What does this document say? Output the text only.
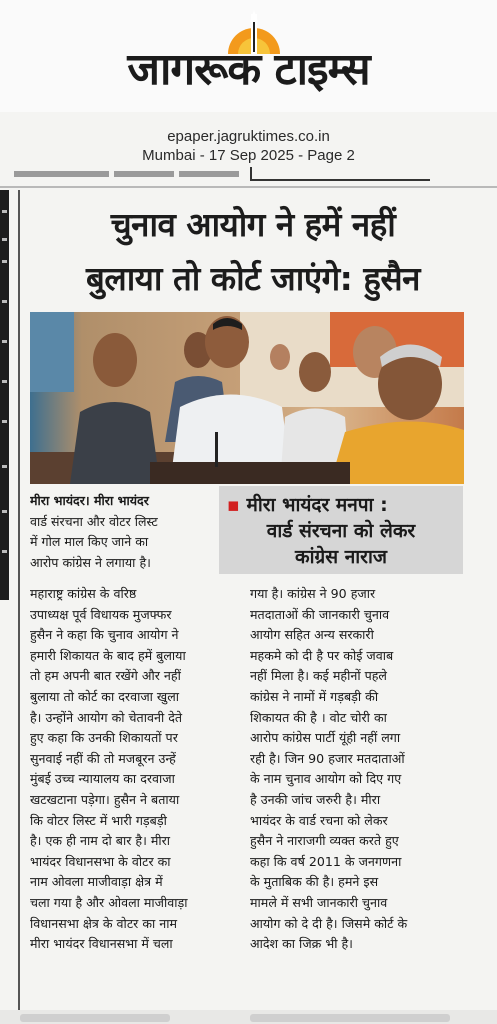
जागरूक टाइम्स
epaper.jagruktimes.co.in
Mumbai - 17 Sep 2025 - Page 2
चुनाव आयोग ने हमें नहीं
बुलाया तो कोर्ट जाएंगे: हुसैन
▪ मीरा भायंदर मनपा :
वार्ड संरचना को लेकर
कांग्रेस नाराज
मीरा भायंदर। मीरा भायंदर
वार्ड संरचना और वोटर लिस्ट
में गोल माल किए जाने का
आरोप कांग्रेस ने लगाया है।
महाराष्ट्र कांग्रेस के वरिष्ठ
उपाध्यक्ष पूर्व विधायक मुजफ्फर
हुसैन ने कहा कि चुनाव आयोग ने
हमारी शिकायत के बाद हमें बुलाया
तो हम अपनी बात रखेंगे और नहीं
बुलाया तो कोर्ट का दरवाजा खुला
है। उन्होंने आयोग को चेतावनी देते
हुए कहा कि उनकी शिकायतों पर
सुनवाई नहीं की तो मजबूरन उन्हें
मुंबई उच्च न्यायालय का दरवाजा
खटखटाना पड़ेगा। हुसैन ने बताया
कि वोटर लिस्ट में भारी गड़बड़ी
है। एक ही नाम दो बार है। मीरा
भायंदर विधानसभा के वोटर का
नाम ओवला माजीवाड़ा क्षेत्र में
चला गया है और ओवला माजीवाड़ा
विधानसभा क्षेत्र के वोटर का नाम
मीरा भायंदर विधानसभा में चला
गया है। कांग्रेस ने 90 हजार
मतदाताओं की जानकारी चुनाव
आयोग सहित अन्य सरकारी
महकमे को दी है पर कोई जवाब
नहीं मिला है। कई महीनों पहले
कांग्रेस ने नामों में गड़बड़ी की
शिकायत की है । वोट चोरी का
आरोप कांग्रेस पार्टी यूंही नहीं लगा
रही है। जिन 90 हजार मतदाताओं
के नाम चुनाव आयोग को दिए गए
है उनकी जांच जरुरी है। मीरा
भायंदर के वार्ड रचना को लेकर
हुसैन ने नाराजगी व्यक्त करते हुए
कहा कि वर्ष 2011 के जनगणना
के मुताबिक की है। हमने इस
मामले में सभी जानकारी चुनाव
आयोग को दे दी है। जिसमे कोर्ट के
आदेश का जिक्र भी है।
